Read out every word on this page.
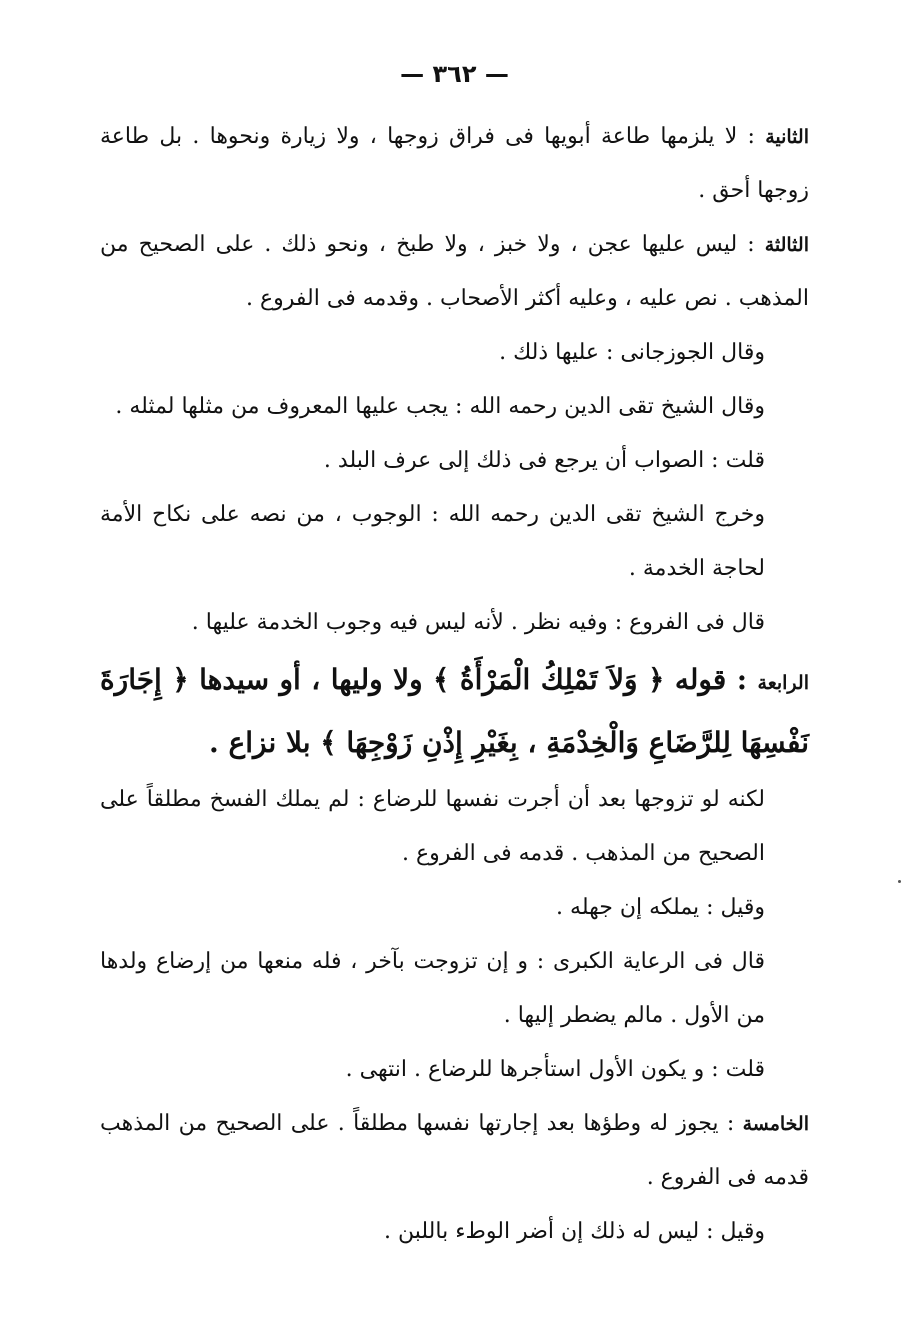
— ٣٦٢ —

الثانية : لا يلزمها طاعة أبويها فى فراق زوجها ، ولا زيارة ونحوها . بل طاعة زوجها أحق .

الثالثة : ليس عليها عجن ، ولا خبز ، ولا طبخ ، ونحو ذلك . على الصحيح من المذهب . نص عليه ، وعليه أكثر الأصحاب . وقدمه فى الفروع .

وقال الجوزجانى : عليها ذلك .

وقال الشيخ تقى الدين رحمه الله : يجب عليها المعروف من مثلها لمثله .

قلت : الصواب أن يرجع فى ذلك إلى عرف البلد .

وخرج الشيخ تقى الدين رحمه الله : الوجوب ، من نصه على نكاح الأمة لحاجة الخدمة .

قال فى الفروع : وفيه نظر . لأنه ليس فيه وجوب الخدمة عليها .

الرابعة : قوله ﴿ وَلاَ تَمْلِكُ الْمَرْأَةُ ﴾ ولا وليها ، أو سيدها ﴿ إِجَارَةَ نَفْسِهَا لِلرَّضَاعِ وَالْخِدْمَةِ ، بِغَيْرِ إِذْنِ زَوْجِهَا ﴾ بلا نزاع .

لكنه لو تزوجها بعد أن أجرت نفسها للرضاع : لم يملك الفسخ مطلقاً على الصحيح من المذهب . قدمه فى الفروع .

وقيل : يملكه إن جهله .

قال فى الرعاية الكبرى : و إن تزوجت بآخر ، فله منعها من إرضاع ولدها من الأول . مالم يضطر إليها .

قلت : و يكون الأول استأجرها للرضاع . انتهى .

الخامسة : يجوز له وطؤها بعد إجارتها نفسها مطلقاً . على الصحيح من المذهب قدمه فى الفروع .

وقيل : ليس له ذلك إن أضر الوطء باللبن .
